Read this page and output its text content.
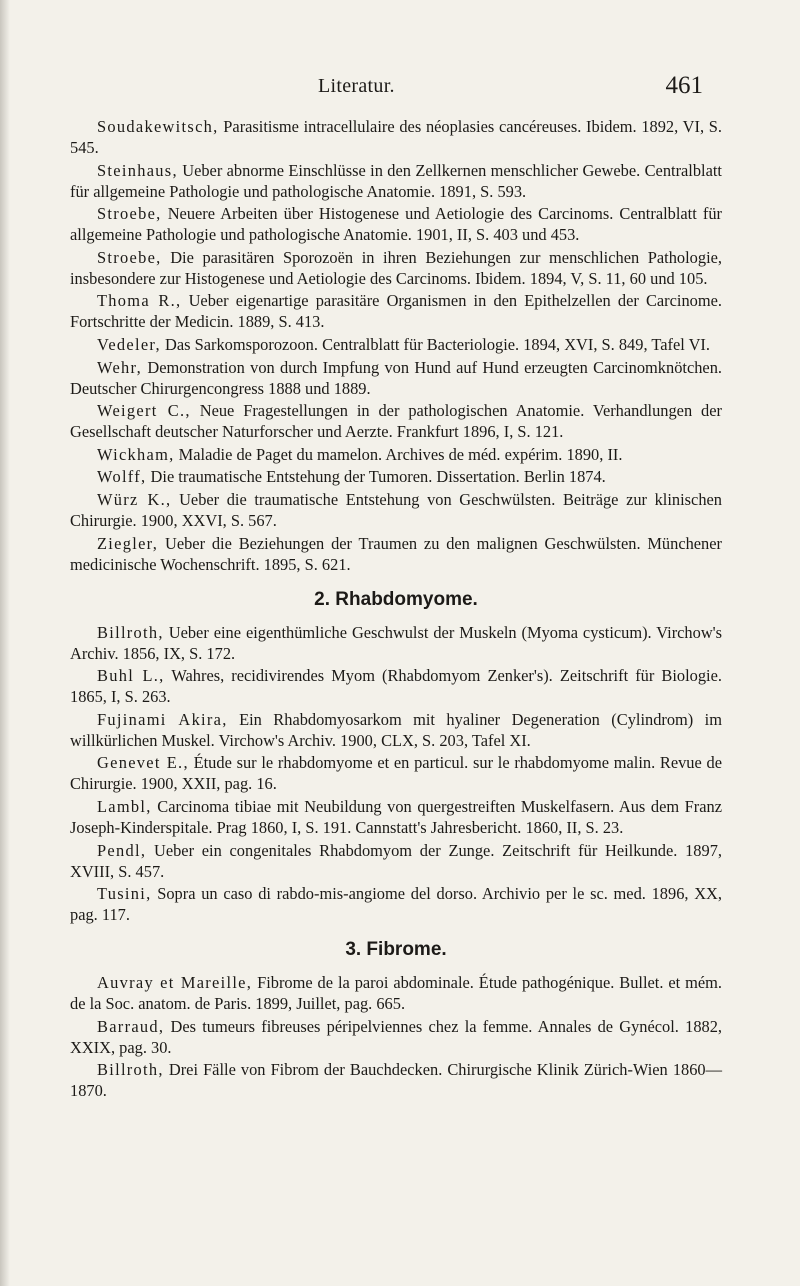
Literatur.	461

Soudakewitsch, Parasitisme intracellulaire des néoplasies cancéreuses. Ibidem. 1892, VI, S. 545.

Steinhaus, Ueber abnorme Einschlüsse in den Zellkernen menschlicher Gewebe. Centralblatt für allgemeine Pathologie und pathologische Anatomie. 1891, S. 593.

Stroebe, Neuere Arbeiten über Histogenese und Aetiologie des Carcinoms. Centralblatt für allgemeine Pathologie und pathologische Anatomie. 1901, II, S. 403 und 453.

Stroebe, Die parasitären Sporozoën in ihren Beziehungen zur menschlichen Pathologie, insbesondere zur Histogenese und Aetiologie des Carcinoms. Ibidem. 1894, V, S. 11, 60 und 105.

Thoma R., Ueber eigenartige parasitäre Organismen in den Epithelzellen der Carcinome. Fortschritte der Medicin. 1889, S. 413.

Vedeler, Das Sarkomsporozoon. Centralblatt für Bacteriologie. 1894, XVI, S. 849, Tafel VI.

Wehr, Demonstration von durch Impfung von Hund auf Hund erzeugten Carcinomknötchen. Deutscher Chirurgencongress 1888 und 1889.

Weigert C., Neue Fragestellungen in der pathologischen Anatomie. Verhandlungen der Gesellschaft deutscher Naturforscher und Aerzte. Frankfurt 1896, I, S. 121.

Wickham, Maladie de Paget du mamelon. Archives de méd. expérim. 1890, II.

Wolff, Die traumatische Entstehung der Tumoren. Dissertation. Berlin 1874.

Würz K., Ueber die traumatische Entstehung von Geschwülsten. Beiträge zur klinischen Chirurgie. 1900, XXVI, S. 567.

Ziegler, Ueber die Beziehungen der Traumen zu den malignen Geschwülsten. Münchener medicinische Wochenschrift. 1895, S. 621.

2. Rhabdomyome.

Billroth, Ueber eine eigenthümliche Geschwulst der Muskeln (Myoma cysticum). Virchow's Archiv. 1856, IX, S. 172.

Buhl L., Wahres, recidivirendes Myom (Rhabdomyom Zenker's). Zeitschrift für Biologie. 1865, I, S. 263.

Fujinami Akira, Ein Rhabdomyosarkom mit hyaliner Degeneration (Cylindrom) im willkürlichen Muskel. Virchow's Archiv. 1900, CLX, S. 203, Tafel XI.

Genevet E., Étude sur le rhabdomyome et en particul. sur le rhabdomyome malin. Revue de Chirurgie. 1900, XXII, pag. 16.

Lambl, Carcinoma tibiae mit Neubildung von quergestreiften Muskelfasern. Aus dem Franz Joseph-Kinderspitale. Prag 1860, I, S. 191. Cannstatt's Jahresbericht. 1860, II, S. 23.

Pendl, Ueber ein congenitales Rhabdomyom der Zunge. Zeitschrift für Heilkunde. 1897, XVIII, S. 457.

Tusini, Sopra un caso di rabdo-mis-angiome del dorso. Archivio per le sc. med. 1896, XX, pag. 117.

3. Fibrome.

Auvray et Mareille, Fibrome de la paroi abdominale. Étude pathogénique. Bullet. et mém. de la Soc. anatom. de Paris. 1899, Juillet, pag. 665.

Barraud, Des tumeurs fibreuses péripelviennes chez la femme. Annales de Gynécol. 1882, XXIX, pag. 30.

Billroth, Drei Fälle von Fibrom der Bauchdecken. Chirurgische Klinik Zürich-Wien 1860—1870.
